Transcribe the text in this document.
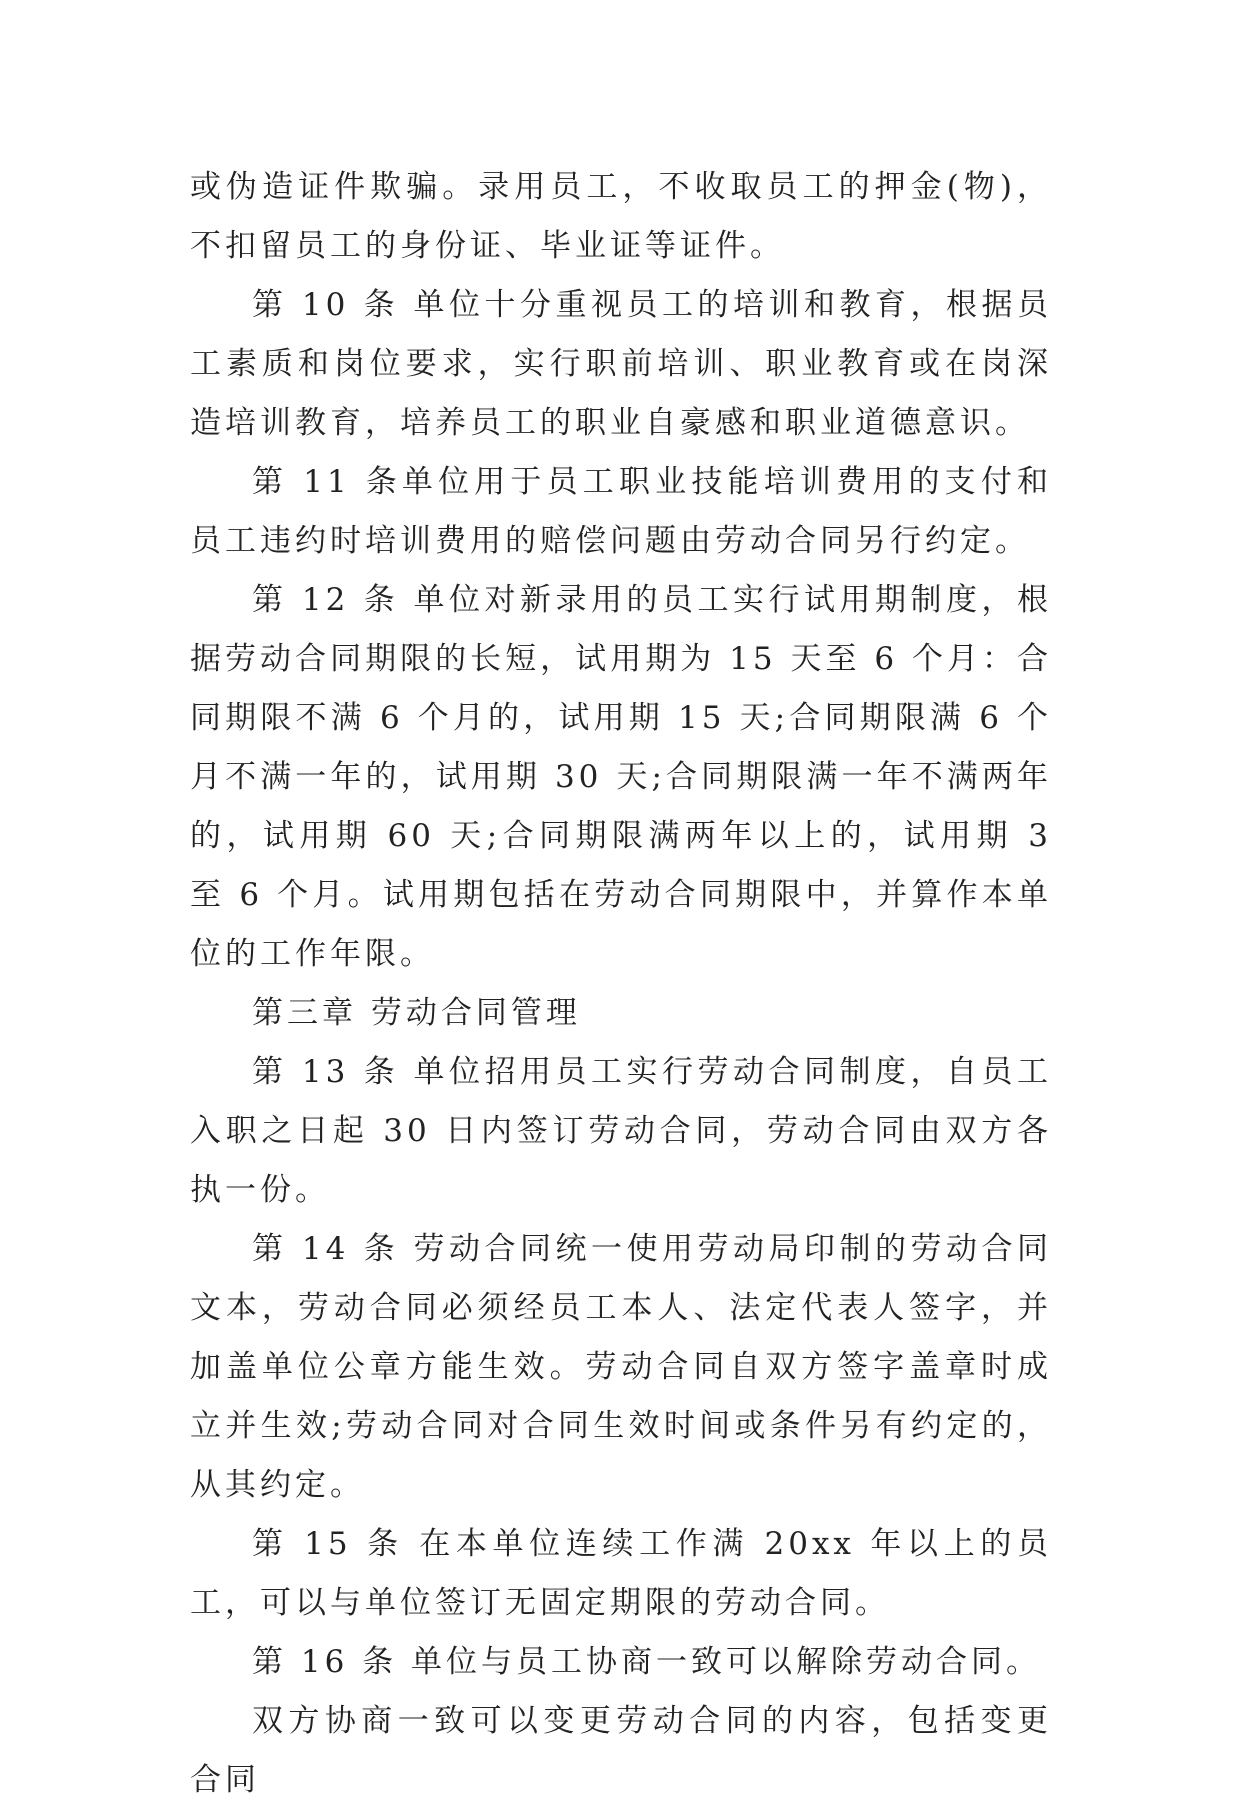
或伪造证件欺骗。录用员工，不收取员工的押金(物)，不扣留员工的身份证、毕业证等证件。

第 10 条 单位十分重视员工的培训和教育，根据员工素质和岗位要求，实行职前培训、职业教育或在岗深造培训教育，培养员工的职业自豪感和职业道德意识。

第 11 条单位用于员工职业技能培训费用的支付和员工违约时培训费用的赔偿问题由劳动合同另行约定。

第 12 条 单位对新录用的员工实行试用期制度，根据劳动合同期限的长短，试用期为 15 天至 6 个月：合同期限不满 6 个月的，试用期 15 天;合同期限满 6 个月不满一年的，试用期 30 天;合同期限满一年不满两年的，试用期 60 天;合同期限满两年以上的，试用期 3 至 6 个月。试用期包括在劳动合同期限中，并算作本单位的工作年限。

第三章 劳动合同管理

第 13 条 单位招用员工实行劳动合同制度，自员工入职之日起 30 日内签订劳动合同，劳动合同由双方各执一份。

第 14 条 劳动合同统一使用劳动局印制的劳动合同文本，劳动合同必须经员工本人、法定代表人签字，并加盖单位公章方能生效。劳动合同自双方签字盖章时成立并生效;劳动合同对合同生效时间或条件另有约定的，从其约定。

第 15 条 在本单位连续工作满 20xx 年以上的员工，可以与单位签订无固定期限的劳动合同。

第 16 条 单位与员工协商一致可以解除劳动合同。

双方协商一致可以变更劳动合同的内容，包括变更合同
